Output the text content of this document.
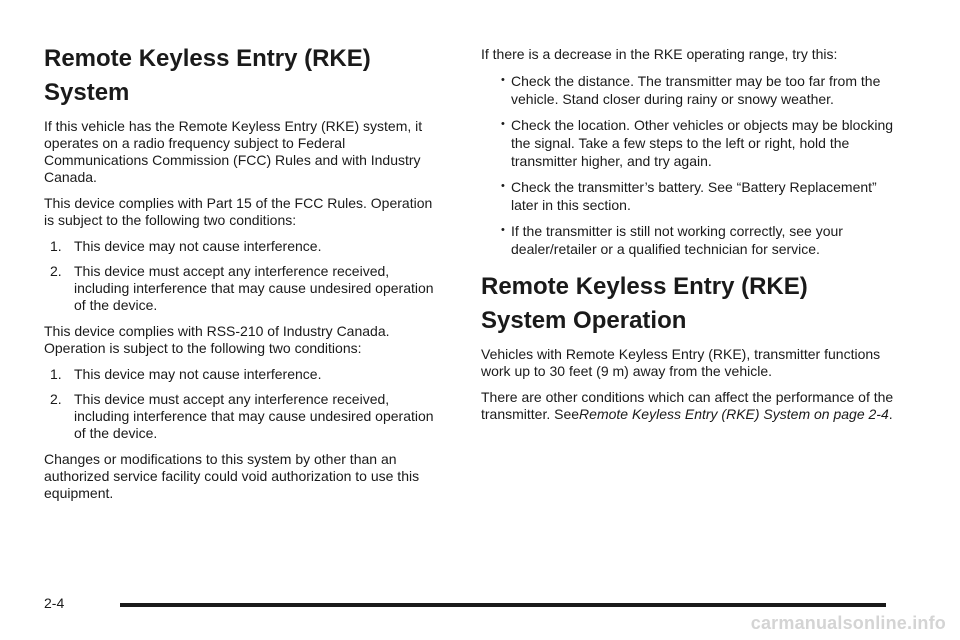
Remote Keyless Entry (RKE)
System

If this vehicle has the Remote Keyless Entry (RKE) system, it operates on a radio frequency subject to Federal Communications Commission (FCC) Rules and with Industry Canada.

This device complies with Part 15 of the FCC Rules. Operation is subject to the following two conditions:

1. This device may not cause interference.
2. This device must accept any interference received, including interference that may cause undesired operation of the device.

This device complies with RSS-210 of Industry Canada. Operation is subject to the following two conditions:

1. This device may not cause interference.
2. This device must accept any interference received, including interference that may cause undesired operation of the device.

Changes or modifications to this system by other than an authorized service facility could void authorization to use this equipment.

If there is a decrease in the RKE operating range, try this:

• Check the distance. The transmitter may be too far from the vehicle. Stand closer during rainy or snowy weather.
• Check the location. Other vehicles or objects may be blocking the signal. Take a few steps to the left or right, hold the transmitter higher, and try again.
• Check the transmitter’s battery. See “Battery Replacement” later in this section.
• If the transmitter is still not working correctly, see your dealer/retailer or a qualified technician for service.
Remote Keyless Entry (RKE)
System Operation

Vehicles with Remote Keyless Entry (RKE), transmitter functions work up to 30 feet (9 m) away from the vehicle.

There are other conditions which can affect the performance of the transmitter. SeeRemote Keyless Entry (RKE) System on page 2-4.

2-4
carmanualsonline.info
